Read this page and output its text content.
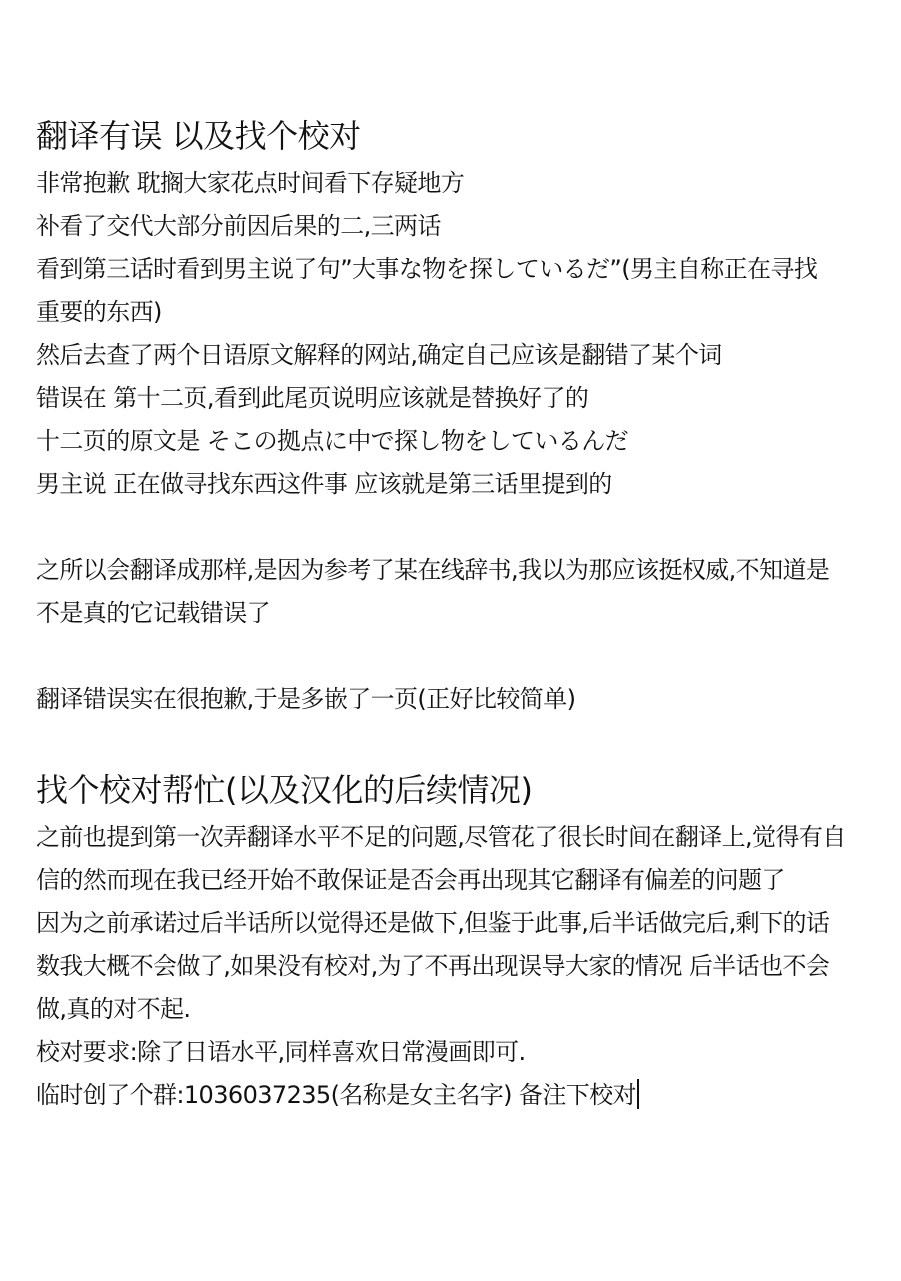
翻译有误 以及找个校对

非常抱歉 耽搁大家花点时间看下存疑地方

补看了交代大部分前因后果的二,三两话

看到第三话时看到男主说了句”大事な物を探しているだ”(男主自称正在寻找

重要的东西)

然后去查了两个日语原文解释的网站,确定自己应该是翻错了某个词

错误在 第十二页,看到此尾页说明应该就是替换好了的

十二页的原文是 そこの拠点に中で探し物をしているんだ

男主说 正在做寻找东西这件事 应该就是第三话里提到的

之所以会翻译成那样,是因为参考了某在线辞书,我以为那应该挺权威,不知道是

不是真的它记载错误了

翻译错误实在很抱歉,于是多嵌了一页(正好比较简单)

找个校对帮忙(以及汉化的后续情况)

之前也提到第一次弄翻译水平不足的问题,尽管花了很长时间在翻译上,觉得有自

信的然而现在我已经开始不敢保证是否会再出现其它翻译有偏差的问题了

因为之前承诺过后半话所以觉得还是做下,但鉴于此事,后半话做完后,剩下的话

数我大概不会做了,如果没有校对,为了不再出现误导大家的情况 后半话也不会

做,真的对不起.

校对要求:除了日语水平,同样喜欢日常漫画即可.

临时创了个群:1036037235(名称是女主名字) 备注下校对
